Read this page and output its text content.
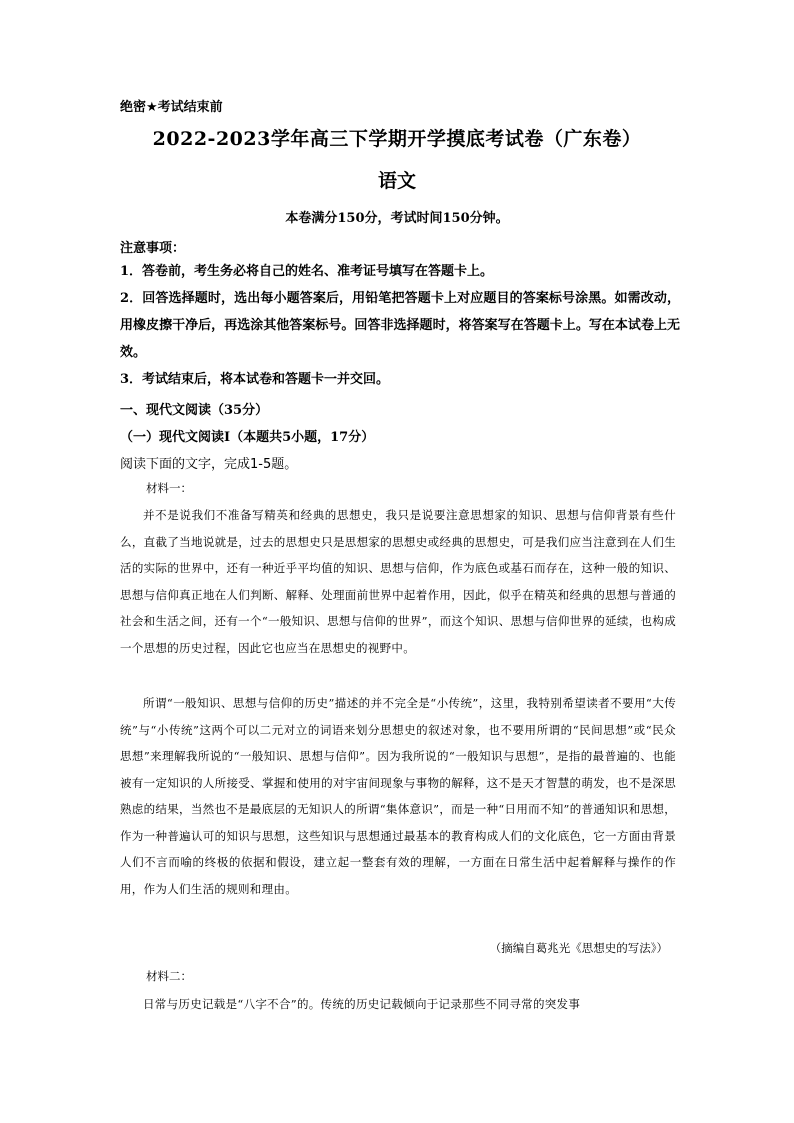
绝密★考试结束前
2022-2023学年高三下学期开学摸底考试卷（广东卷）
语文
本卷满分150分，考试时间150分钟。
注意事项：
1．答卷前，考生务必将自己的姓名、准考证号填写在答题卡上。
2．回答选择题时，选出每小题答案后，用铅笔把答题卡上对应题目的答案标号涂黑。如需改动，用橡皮擦干净后，再选涂其他答案标号。回答非选择题时，将答案写在答题卡上。写在本试卷上无效。
3．考试结束后，将本试卷和答题卡一并交回。
一、现代文阅读（35分）
（一）现代文阅读Ⅰ（本题共5小题，17分）
阅读下面的文字，完成1-5题。
材料一：
并不是说我们不准备写精英和经典的思想史，我只是说要注意思想家的知识、思想与信仰背景有些什么，直截了当地说就是，过去的思想史只是思想家的思想史或经典的思想史，可是我们应当注意到在人们生活的实际的世界中，还有一种近乎平均值的知识、思想与信仰，作为底色或基石而存在，这种一般的知识、思想与信仰真正地在人们判断、解释、处理面前世界中起着作用，因此，似乎在精英和经典的思想与普通的社会和生活之间，还有一个“一般知识、思想与信仰的世界”，而这个知识、思想与信仰世界的延续，也构成一个思想的历史过程，因此它也应当在思想史的视野中。
所谓“一般知识、思想与信仰的历史”描述的并不完全是“小传统”，这里，我特别希望读者不要用“大传统”与“小传统”这两个可以二元对立的词语来划分思想史的叙述对象，也不要用所谓的“民间思想”或“民众思想”来理解我所说的“一般知识、思想与信仰”。因为我所说的“一般知识与思想”，是指的最普遍的、也能被有一定知识的人所接受、掌握和使用的对宇宙间现象与事物的解释，这不是天才智慧的萌发，也不是深思熟虑的结果，当然也不是最底层的无知识人的所谓“集体意识”，而是一种“日用而不知”的普通知识和思想，作为一种普遍认可的知识与思想，这些知识与思想通过最基本的教育构成人们的文化底色，它一方面由背景人们不言而喻的终极的依据和假设，建立起一整套有效的理解，一方面在日常生活中起着解释与操作的作用，作为人们生活的规则和理由。
（摘编自葛兆光《思想史的写法》）
材料二：
日常与历史记载是“八字不合”的。传统的历史记载倾向于记录那些不同寻常的突发事
